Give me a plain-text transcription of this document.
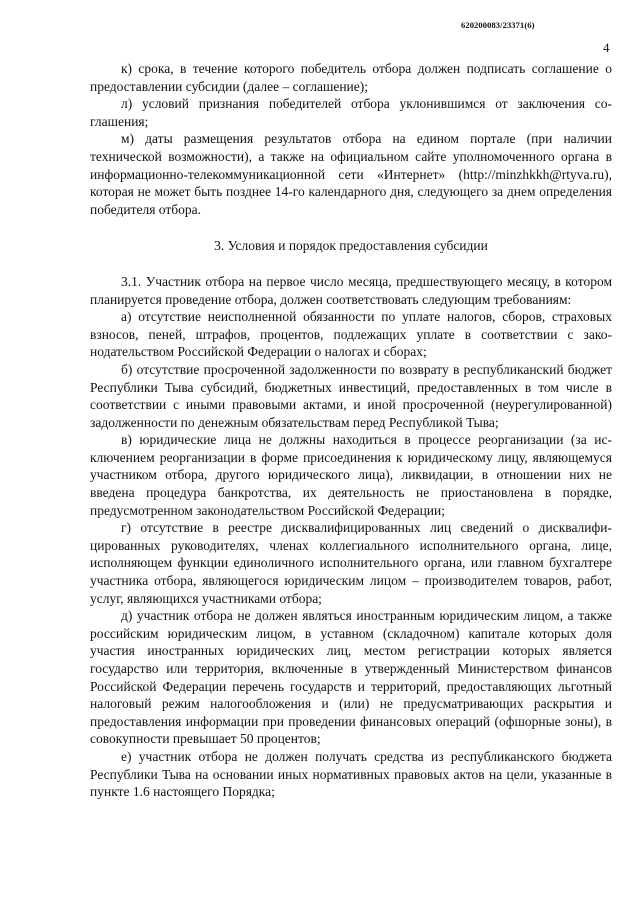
620200083/23371(6)
4

к) срока, в течение которого победитель отбора должен подписать соглашение о предоставлении субсидии (далее – соглашение);

л) условий признания победителей отбора уклонившимся от заключения соглашения;

м) даты размещения результатов отбора на едином портале (при наличии технической возможности), а также на официальном сайте уполномоченного органа в информационно-телекоммуникационной сети «Интернет» (http://minzhkkh@rtyva.ru), которая не может быть позднее 14-го календарного дня, следующего за днем определения победителя отбора.

3. Условия и порядок предоставления субсидии

3.1. Участник отбора на первое число месяца, предшествующего месяцу, в котором планируется проведение отбора, должен соответствовать следующим требованиям:

а) отсутствие неисполненной обязанности по уплате налогов, сборов, страховых взносов, пеней, штрафов, процентов, подлежащих уплате в соответствии с законодательством Российской Федерации о налогах и сборах;

б) отсутствие просроченной задолженности по возврату в республиканский бюджет Республики Тыва субсидий, бюджетных инвестиций, предоставленных в том числе в соответствии с иными правовыми актами, и иной просроченной (неурегулированной) задолженности по денежным обязательствам перед Республикой Тыва;

в) юридические лица не должны находиться в процессе реорганизации (за исключением реорганизации в форме присоединения к юридическому лицу, являющемуся участником отбора, другого юридического лица), ликвидации, в отношении них не введена процедура банкротства, их деятельность не приостановлена в порядке, предусмотренном законодательством Российской Федерации;

г) отсутствие в реестре дисквалифицированных лиц сведений о дисквалифицированных руководителях, членах коллегиального исполнительного органа, лице, исполняющем функции единоличного исполнительного органа, или главном бухгалтере участника отбора, являющегося юридическим лицом – производителем товаров, работ, услуг, являющихся участниками отбора;

д) участник отбора не должен являться иностранным юридическим лицом, а также российским юридическим лицом, в уставном (складочном) капитале которых доля участия иностранных юридических лиц, местом регистрации которых является государство или территория, включенные в утвержденный Министерством финансов Российской Федерации перечень государств и территорий, предоставляющих льготный налоговый режим налогообложения и (или) не предусматривающих раскрытия и предоставления информации при проведении финансовых операций (офшорные зоны), в совокупности превышает 50 процентов;

е) участник отбора не должен получать средства из республиканского бюджета Республики Тыва на основании иных нормативных правовых актов на цели, указанные в пункте 1.6 настоящего Порядка;
